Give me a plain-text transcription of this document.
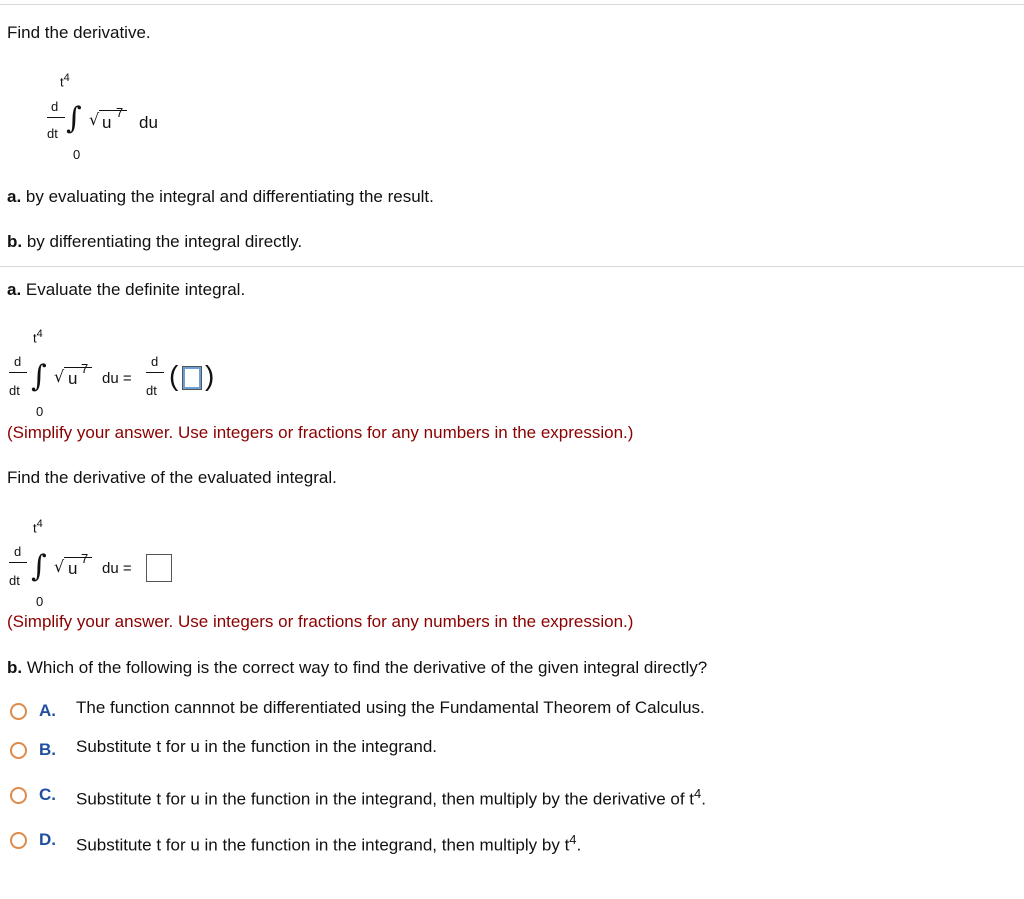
Find the derivative.
$t^4$
d
dt ∫
0
√ u
7
du
a. by evaluating the integral and differentiating the result.
b. by differentiating the integral directly.
a. Evaluate the definite integral.
$t^4$
d
dt ∫
0
√ u
7
du =
d
dt ( )
(Simplify your answer. Use integers or fractions for any numbers in the expression.)
Find the derivative of the evaluated integral.
$t^4$
d
dt ∫
0
√ u
7
du =
(Simplify your answer. Use integers or fractions for any numbers in the expression.)
b. Which of the following is the correct way to find the derivative of the given integral directly?
A. The function cannnot be differentiated using the Fundamental Theorem of Calculus.
B. Substitute t for u in the function in the integrand.
C. Substitute t for u in the function in the integrand, then multiply by the derivative of $t^4$.
D. Substitute t for u in the function in the integrand, then multiply by $t^4$.
